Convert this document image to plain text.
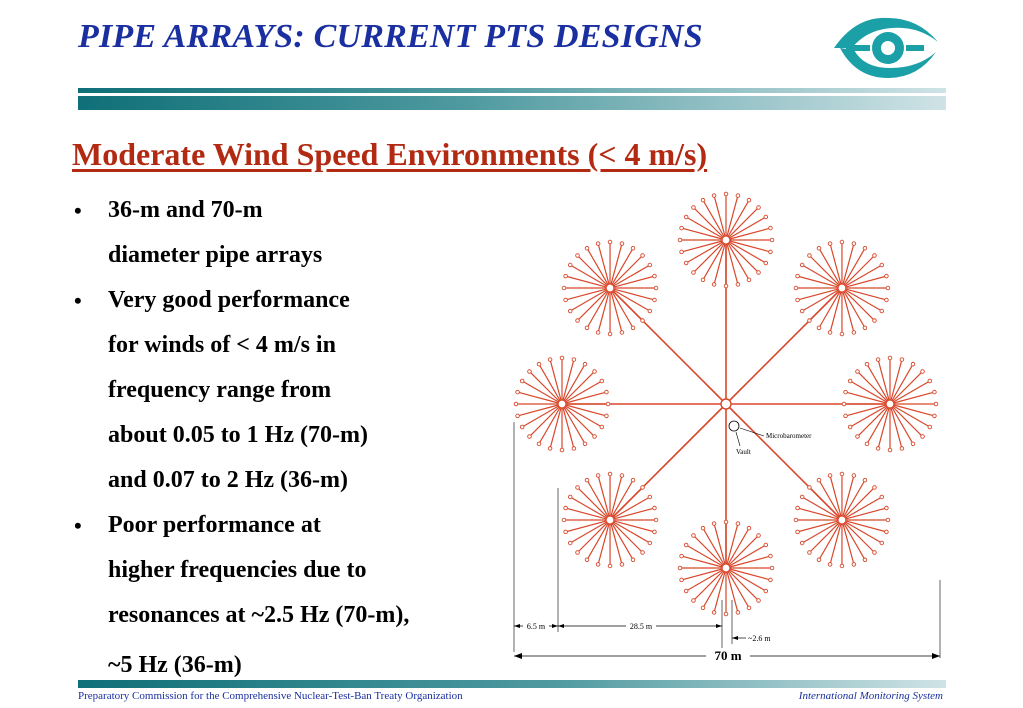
PIPE ARRAYS: CURRENT PTS DESIGNS
Moderate Wind Speed Environments (< 4 m/s)
• 36-m and 70-m
diameter pipe arrays
• Very good performance
for winds of < 4 m/s in
frequency range from
about 0.05 to 1 Hz (70-m)
and 0.07 to 2 Hz (36-m)
• Poor performance at
higher frequencies due to
resonances at ~2.5 Hz (70-m),
~5 Hz (36-m)
Microbarometer
Vault
6.5 m	28.5 m
~2.6 m
70 m
Preparatory Commission for the Comprehensive Nuclear-Test-Ban Treaty Organization	International Monitoring System
